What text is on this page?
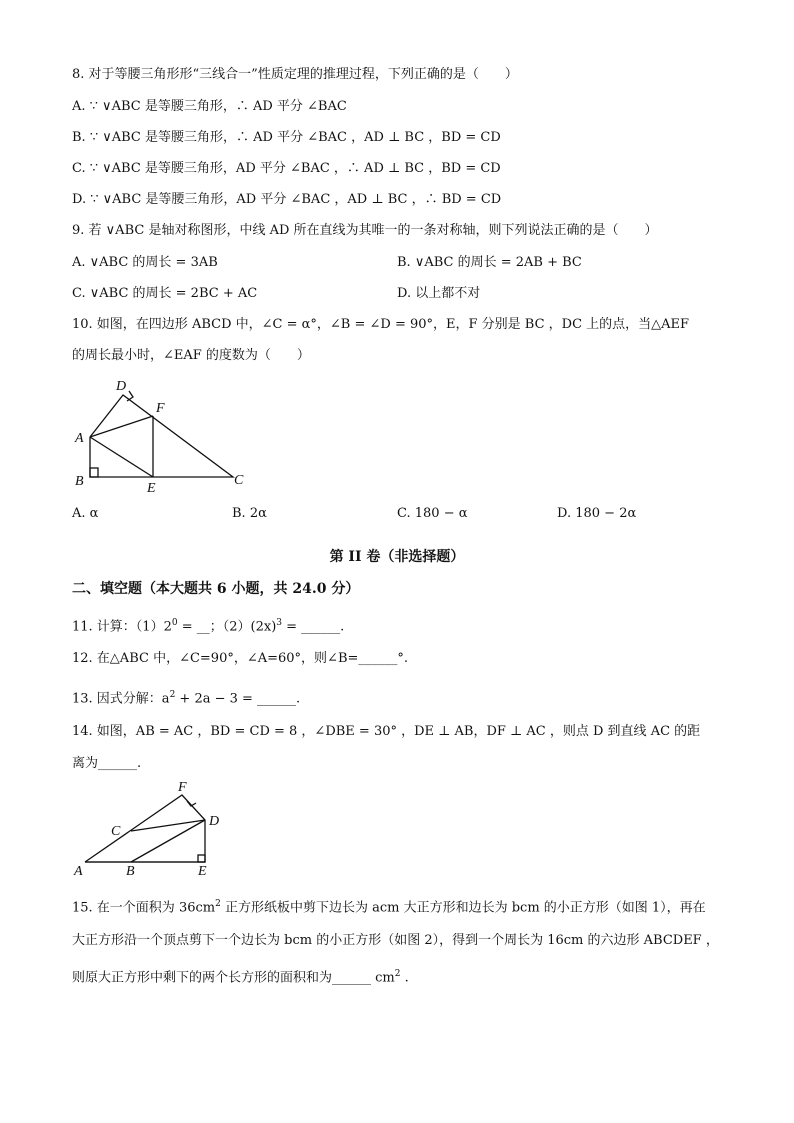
8. 对于等腰三角形形“三线合一”性质定理的推理过程，下列正确的是（　　）
A. ∵ ∨ABC 是等腰三角形，∴ AD 平分 ∠BAC
B. ∵ ∨ABC 是等腰三角形，∴ AD 平分 ∠BAC ，AD ⊥ BC ，BD = CD
C. ∵ ∨ABC 是等腰三角形，AD 平分 ∠BAC ，∴ AD ⊥ BC ，BD = CD
D. ∵ ∨ABC 是等腰三角形，AD 平分 ∠BAC ，AD ⊥ BC ，∴ BD = CD
9. 若 ∨ABC 是轴对称图形，中线 AD 所在直线为其唯一的一条对称轴，则下列说法正确的是（　　）
A. ∨ABC 的周长 = 3AB	B. ∨ABC 的周长 = 2AB + BC
C. ∨ABC 的周长 = 2BC + AC	D. 以上都不对
10. 如图，在四边形 ABCD 中，∠C = α°，∠B = ∠D = 90°，E，F 分别是 BC ，DC 上的点，当△AEF
的周长最小时，∠EAF 的度数为（　　）
D
F
A
B	E
C
A. α	B. 2α	C. 180 − α	D. 180 − 2α
第 II 卷（非选择题）
二、填空题（本大题共 6 小题，共 24.0 分）
11. 计算：$(1)2^0$ = __；$(2)(2x)^3$ = ______.
12. 在△ABC 中，∠C=90°，∠A=60°，则∠B=______°.
13. 因式分解：$a^2 + 2a - 3$ = ______.
14. 如图，AB = AC ，BD = CD = 8 ，∠DBE = 30° ，DE ⊥ AB，DF ⊥ AC ，则点 D 到直线 AC 的距
离为______.
F
C
D
A	B	E
15. 在一个面积为 $36cm^2$ 正方形纸板中剪下边长为 acm 大正方形和边长为 bcm 的小正方形（如图 1），再在
大正方形沿一个顶点剪下一个边长为 bcm 的小正方形（如图 2），得到一个周长为 16cm 的六边形 ABCDEF ，
则原大正方形中剩下的两个长方形的面积和为______ $cm^2$ .
